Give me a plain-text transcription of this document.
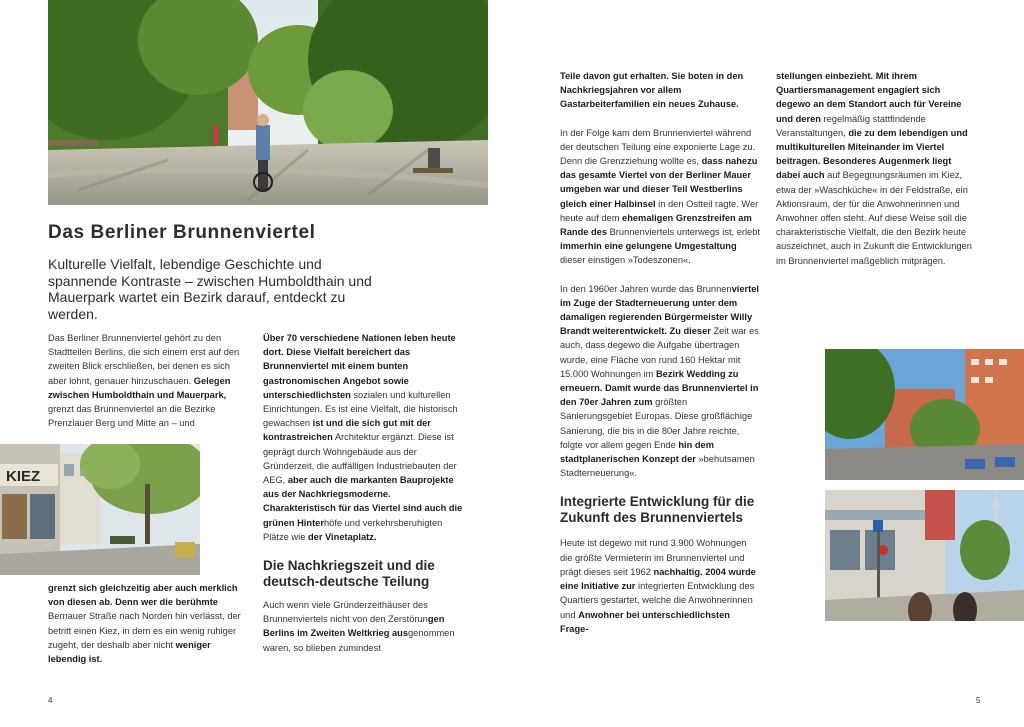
Das Berliner Brunnenviertel
Kulturelle Vielfalt, lebendige Geschichte und spannende Kontraste – zwischen Humboldthain und Mauerpark wartet ein Bezirk darauf, entdeckt zu werden.

Das Berliner Brunnenviertel gehört zu den Stadtteilen Berlins, die sich einem erst auf den zweiten Blick erschließen, bei denen es sich aber lohnt, genauer hinzuschauen. Gelegen zwischen Humboldthain und Mauerpark, grenzt das Brunnenviertel an die Bezirke Prenzlauer Berg und Mitte an – und

KIEZ

grenzt sich gleichzeitig aber auch merklich von diesen ab. Denn wer die berühmte Bernauer Straße nach Norden hin verlässt, der betritt einen Kiez, in dem es ein wenig ruhiger zugeht, der deshalb aber nicht weniger lebendig ist.

Über 70 verschiedene Nationen leben heute dort. Diese Vielfalt bereichert das Brunnenviertel mit einem bunten gastronomischen Angebot sowie unterschiedlichsten sozialen und kulturellen Einrichtungen. Es ist eine Vielfalt, die historisch gewachsen ist und die sich gut mit der kontrastreichen Architektur ergänzt. Diese ist geprägt durch Wohngebäude aus der Gründerzeit, die auffälligen Industriebauten der AEG, aber auch die markanten Bauprojekte aus der Nachkriegsmoderne. Charakteristisch für das Viertel sind auch die grünen Hinterhöfe und verkehrsberuhigten Plätze wie der Vinetaplatz.

Die Nachkriegszeit und die deutsch-deutsche Teilung

Auch wenn viele Gründerzeithäuser des Brunnenviertels nicht von den Zerstörungen Berlins im Zweiten Weltkrieg ausgenommen waren, so blieben zumindest

4

Teile davon gut erhalten. Sie boten in den Nachkriegsjahren vor allem Gastarbeiterfamilien ein neues Zuhause.

In der Folge kam dem Brunnenviertel während der deutschen Teilung eine exponierte Lage zu. Denn die Grenzziehung wollte es, dass nahezu das gesamte Viertel von der Berliner Mauer umgeben war und dieser Teil Westberlins gleich einer Halbinsel in den Ostteil ragte. Wer heute auf dem ehemaligen Grenzstreifen am Rande des Brunnenviertels unterwegs ist, erlebt immerhin eine gelungene Umgestaltung dieser einstigen »Todeszonen«.

In den 1960er Jahren wurde das Brunnenviertel im Zuge der Stadterneuerung unter dem damaligen regierenden Bürgermeister Willy Brandt weiterentwickelt. Zu dieser Zeit war es auch, dass degewo die Aufgabe übertragen wurde, eine Fläche von rund 160 Hektar mit 15.000 Wohnungen im Bezirk Wedding zu erneuern. Damit wurde das Brunnenviertel in den 70er Jahren zum größten Sanierungsgebiet Europas. Diese großflächige Sanierung, die bis in die 80er Jahre reichte, folgte vor allem gegen Ende hin dem stadtplanerischen Konzept der »behutsamen Stadterneuerung«.

Integrierte Entwicklung für die Zukunft des Brunnenviertels

Heute ist degewo mit rund 3.900 Wohnungen die größte Vermieterin im Brunnenviertel und prägt dieses seit 1962 nachhaltig. 2004 wurde eine Initiative zur integrierten Entwicklung des Quartiers gestartet, welche die Anwohnerinnen und Anwohner bei unterschiedlichsten Frage-

stellungen einbezieht. Mit ihrem Quartiersmanagement engagiert sich degewo an dem Standort auch für Vereine und deren regelmäßig stattfindende Veranstaltungen, die zu dem lebendigen und multikulturellen Miteinander im Viertel beitragen. Besonderes Augenmerk liegt dabei auch auf Begegnungsräumen im Kiez, etwa der »Waschküche« in der Feldstraße, ein Aktionsraum, der für die Anwohnerinnen und Anwohner offen steht. Auf diese Weise soll die charakteristische Vielfalt, die den Bezirk heute auszeichnet, auch in Zukunft die Entwicklungen im Brunnenviertel maßgeblich mitprägen.

5
